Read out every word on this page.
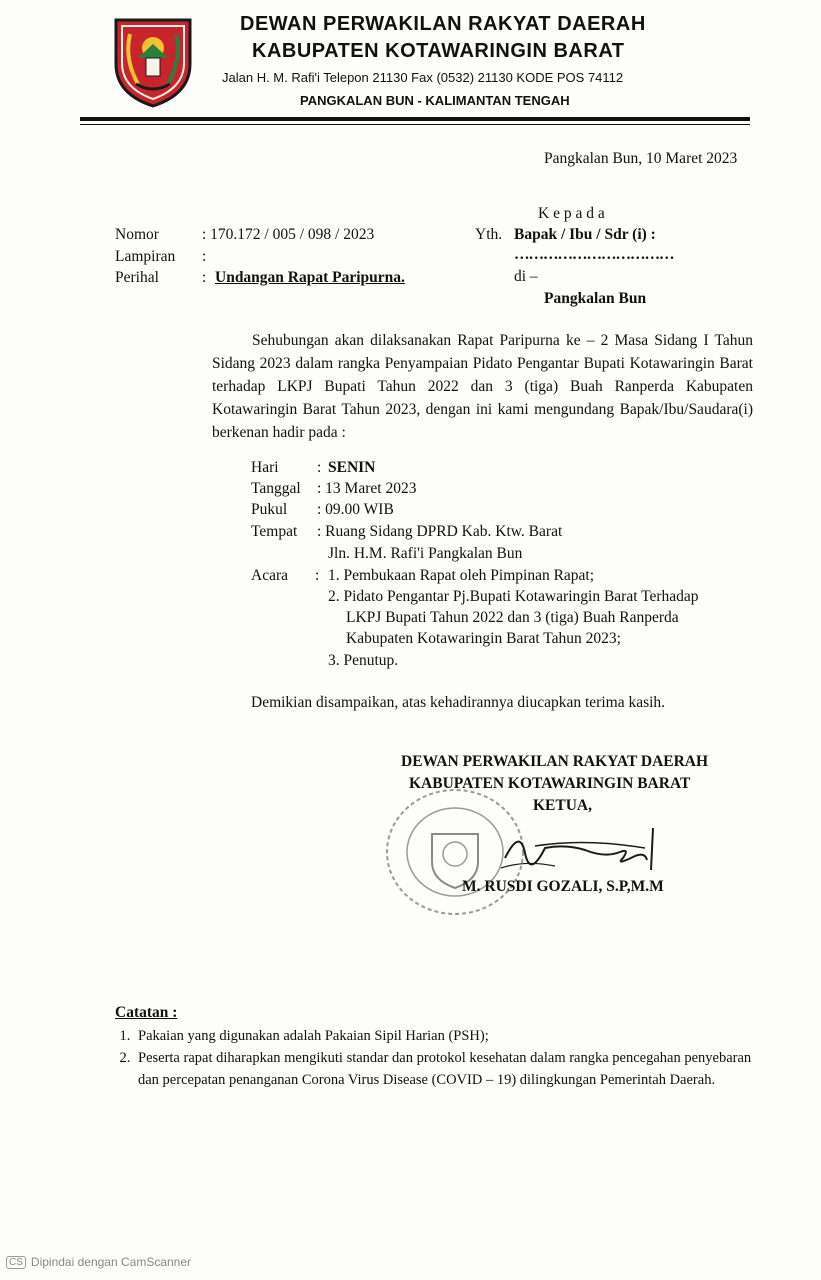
DEWAN PERWAKILAN RAKYAT DAERAH
KABUPATEN KOTAWARINGIN BARAT
Jalan H. M. Rafi'i Telepon 21130 Fax (0532) 21130 KODE POS 74112
PANGKALAN BUN - KALIMANTAN TENGAH
Pangkalan Bun, 10 Maret 2023
Nomor	: 170.172 / 005 / 098 / 2023
Lampiran :
Perihal	: Undangan Rapat Paripurna.
K e p a d a
Yth. Bapak / Ibu / Sdr (i) :
……………………………
di –
Pangkalan Bun
Sehubungan akan dilaksanakan Rapat Paripurna ke – 2 Masa Sidang I Tahun Sidang 2023 dalam rangka Penyampaian Pidato Pengantar Bupati Kotawaringin Barat terhadap LKPJ Bupati Tahun 2022 dan 3 (tiga) Buah Ranperda Kabupaten Kotawaringin Barat Tahun 2023, dengan ini kami mengundang Bapak/Ibu/Saudara(i) berkenan hadir pada :
Hari : SENIN
Tanggal : 13 Maret 2023
Pukul : 09.00 WIB
Tempat : Ruang Sidang DPRD Kab. Ktw. Barat
Jln. H.M. Rafi'i Pangkalan Bun
Acara : 1. Pembukaan Rapat oleh Pimpinan Rapat;
2. Pidato Pengantar Pj.Bupati Kotawaringin Barat Terhadap
LKPJ Bupati Tahun 2022 dan 3 (tiga) Buah Ranperda
Kabupaten Kotawaringin Barat Tahun 2023;
3. Penutup.
Demikian disampaikan, atas kehadirannya diucapkan terima kasih.
DEWAN PERWAKILAN RAKYAT DAERAH
KABUPATEN KOTAWARINGIN BARAT
KETUA,
M. RUSDI GOZALI, S.P,M.M
Catatan :
1. Pakaian yang digunakan adalah Pakaian Sipil Harian (PSH);
2. Peserta rapat diharapkan mengikuti standar dan protokol kesehatan dalam rangka pencegahan penyebaran dan percepatan penanganan Corona Virus Disease (COVID – 19) dilingkungan Pemerintah Daerah.
CS Dipindai dengan CamScanner
